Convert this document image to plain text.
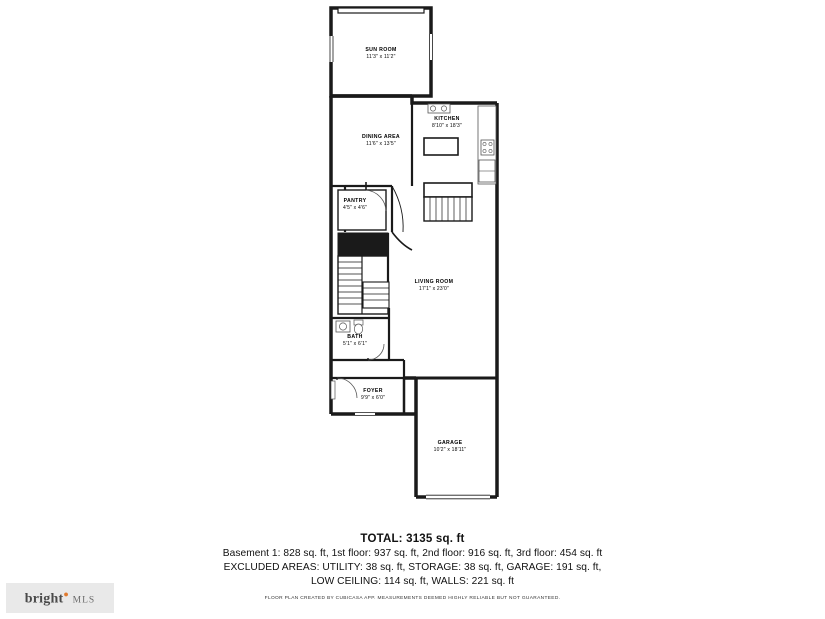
KITCHEN
8'10" x 18'3"
DINING AREA
11'6" x 13'5"
PANTRY
4'5" x 4'6"
LIVING ROOM
17'1" x 23'0"
BATH
5'1" x 6'1"
FOYER
9'9" x 6'0"
GARAGE
10'2" x 18'11"
SUN ROOM
11'3" x 11'2"
TOTAL: 3135 sq. ft
Basement 1: 828 sq. ft, 1st floor: 937 sq. ft, 2nd floor: 916 sq. ft, 3rd floor: 454 sq. ft
EXCLUDED AREAS: UTILITY: 38 sq. ft, STORAGE: 38 sq. ft, GARAGE: 191 sq. ft,
LOW CEILING: 114 sq. ft, WALLS: 221 sq. ft
FLOOR PLAN CREATED BY CUBICASA APP. MEASUREMENTS DEEMED HIGHLY RELIABLE BUT NOT GUARANTEED.
bright● MLS
